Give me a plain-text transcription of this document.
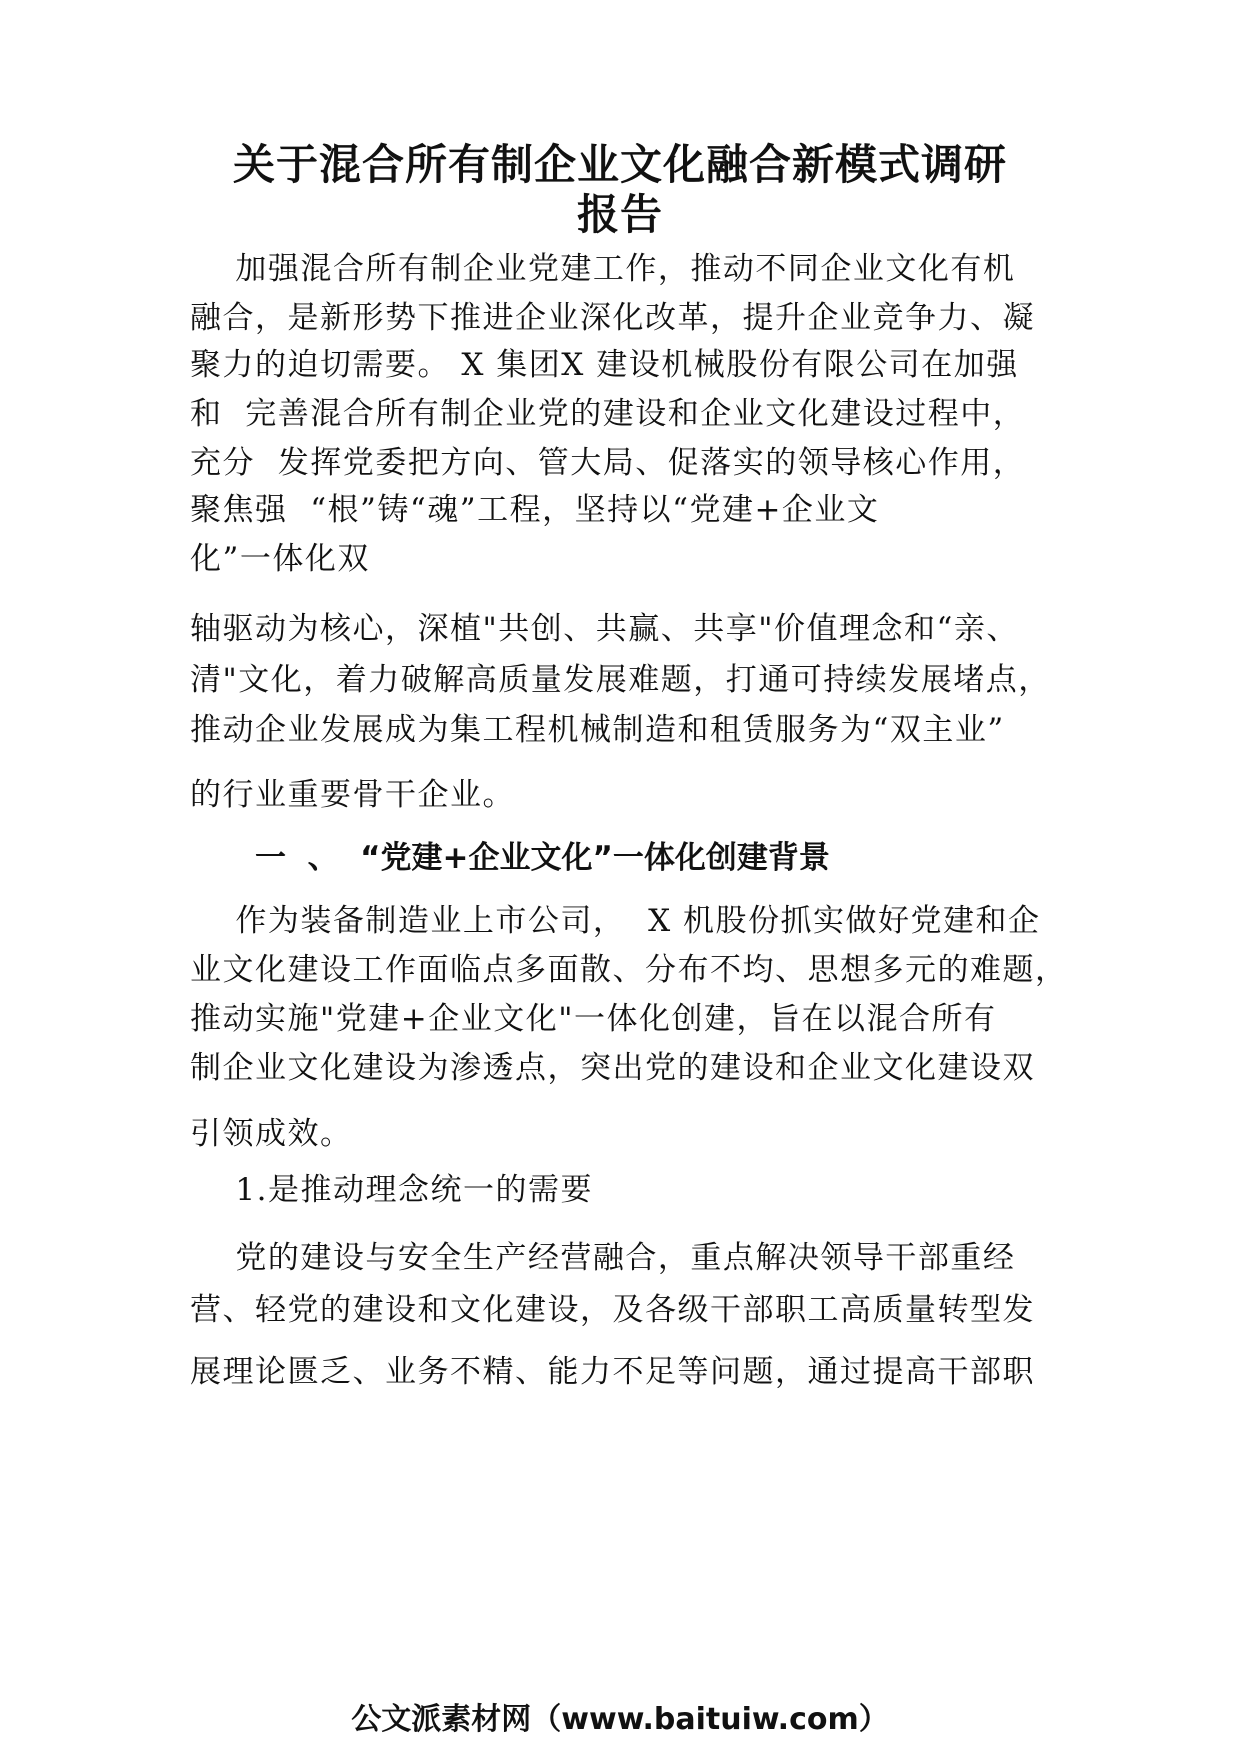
关于混合所有制企业文化融合新模式调研
报告

加强混合所有制企业党建工作，推动不同企业文化有机

融合，是新形势下推进企业深化改革，提升企业竞争力、凝

聚力的迫切需要。 X 集团X 建设机械股份有限公司在加强

和  完善混合所有制企业党的建设和企业文化建设过程中，

充分  发挥党委把方向、管大局、促落实的领导核心作用，

聚焦强  “根”铸“魂”工程，坚持以“党建+企业文

化”一体化双

轴驱动为核心，深植"共创、共赢、共享"价值理念和“亲、

清"文化，着力破解高质量发展难题，打通可持续发展堵点，

推动企业发展成为集工程机械制造和租赁服务为“双主业”

的行业重要骨干企业。

一  、  “党建+企业文化”一体化创建背景

作为装备制造业上市公司，  X 机股份抓实做好党建和企

业文化建设工作面临点多面散、分布不均、思想多元的难题，

推动实施"党建+企业文化"一体化创建，旨在以混合所有

制企业文化建设为渗透点，突出党的建设和企业文化建设双

引领成效。

1.是推动理念统一的需要

党的建设与安全生产经营融合，重点解决领导干部重经

营、轻党的建设和文化建设，及各级干部职工高质量转型发

展理论匮乏、业务不精、能力不足等问题，通过提高干部职

公文派素材网（www.baituiw.com）
